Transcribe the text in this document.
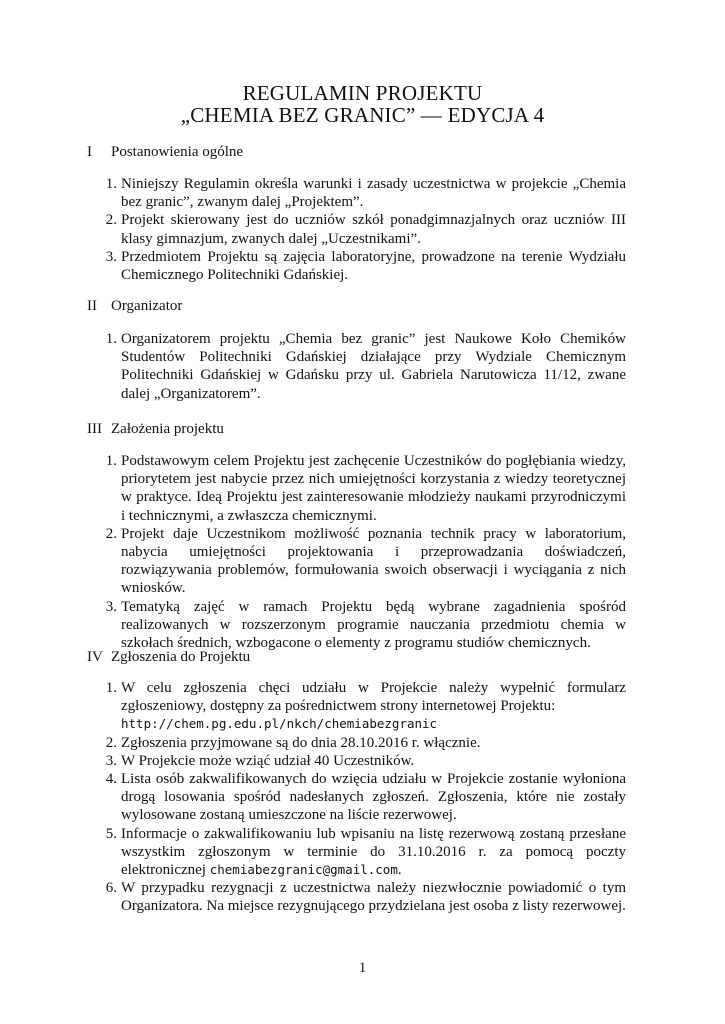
REGULAMIN PROJEKTU
„CHEMIA BEZ GRANIC” — EDYCJA 4
I Postanowienia ogólne
1. Niniejszy Regulamin określa warunki i zasady uczestnictwa w projekcie „Chemia bez granic”, zwanym dalej „Projektem”.
2. Projekt skierowany jest do uczniów szkół ponadgimnazjalnych oraz uczniów III klasy gimnazjum, zwanych dalej „Uczestnikami”.
3. Przedmiotem Projektu są zajęcia laboratoryjne, prowadzone na terenie Wydziału Chemicznego Politechniki Gdańskiej.
II Organizator
1. Organizatorem projektu „Chemia bez granic” jest Naukowe Koło Chemików Studentów Politechniki Gdańskiej działające przy Wydziale Chemicznym Politechniki Gdańskiej w Gdańsku przy ul. Gabriela Narutowicza 11/12, zwane dalej „Organizatorem”.
III Założenia projektu
1. Podstawowym celem Projektu jest zachęcenie Uczestników do pogłębiania wiedzy, priorytetem jest nabycie przez nich umiejętności korzystania z wiedzy teoretycznej w praktyce. Ideą Projektu jest zainteresowanie młodzieży naukami przyrodniczymi i technicznymi, a zwłaszcza chemicznymi.
2. Projekt daje Uczestnikom możliwość poznania technik pracy w laboratorium, nabycia umiejętności projektowania i przeprowadzania doświadczeń, rozwiązywania problemów, formułowania swoich obserwacji i wyciągania z nich wniosków.
3. Tematyką zajęć w ramach Projektu będą wybrane zagadnienia spośród realizowanych w rozszerzonym programie nauczania przedmiotu chemia w szkołach średnich, wzbogacone o elementy z programu studiów chemicznych.
IV Zgłoszenia do Projektu
1. W celu zgłoszenia chęci udziału w Projekcie należy wypełnić formularz zgłoszeniowy, dostępny za pośrednictwem strony internetowej Projektu:
http://chem.pg.edu.pl/nkch/chemiabezgranic
2. Zgłoszenia przyjmowane są do dnia 28.10.2016 r. włącznie.
3. W Projekcie może wziąć udział 40 Uczestników.
4. Lista osób zakwalifikowanych do wzięcia udziału w Projekcie zostanie wyłoniona drogą losowania spośród nadesłanych zgłoszeń. Zgłoszenia, które nie zostały wylosowane zostaną umieszczone na liście rezerwowej.
5. Informacje o zakwalifikowaniu lub wpisaniu na listę rezerwową zostaną przesłane wszystkim zgłoszonym w terminie do 31.10.2016 r. za pomocą poczty elektronicznej chemiabezgranic@gmail.com.
6. W przypadku rezygnacji z uczestnictwa należy niezwłocznie powiadomić o tym Organizatora. Na miejsce rezygnującego przydzielana jest osoba z listy rezerwowej.
1
